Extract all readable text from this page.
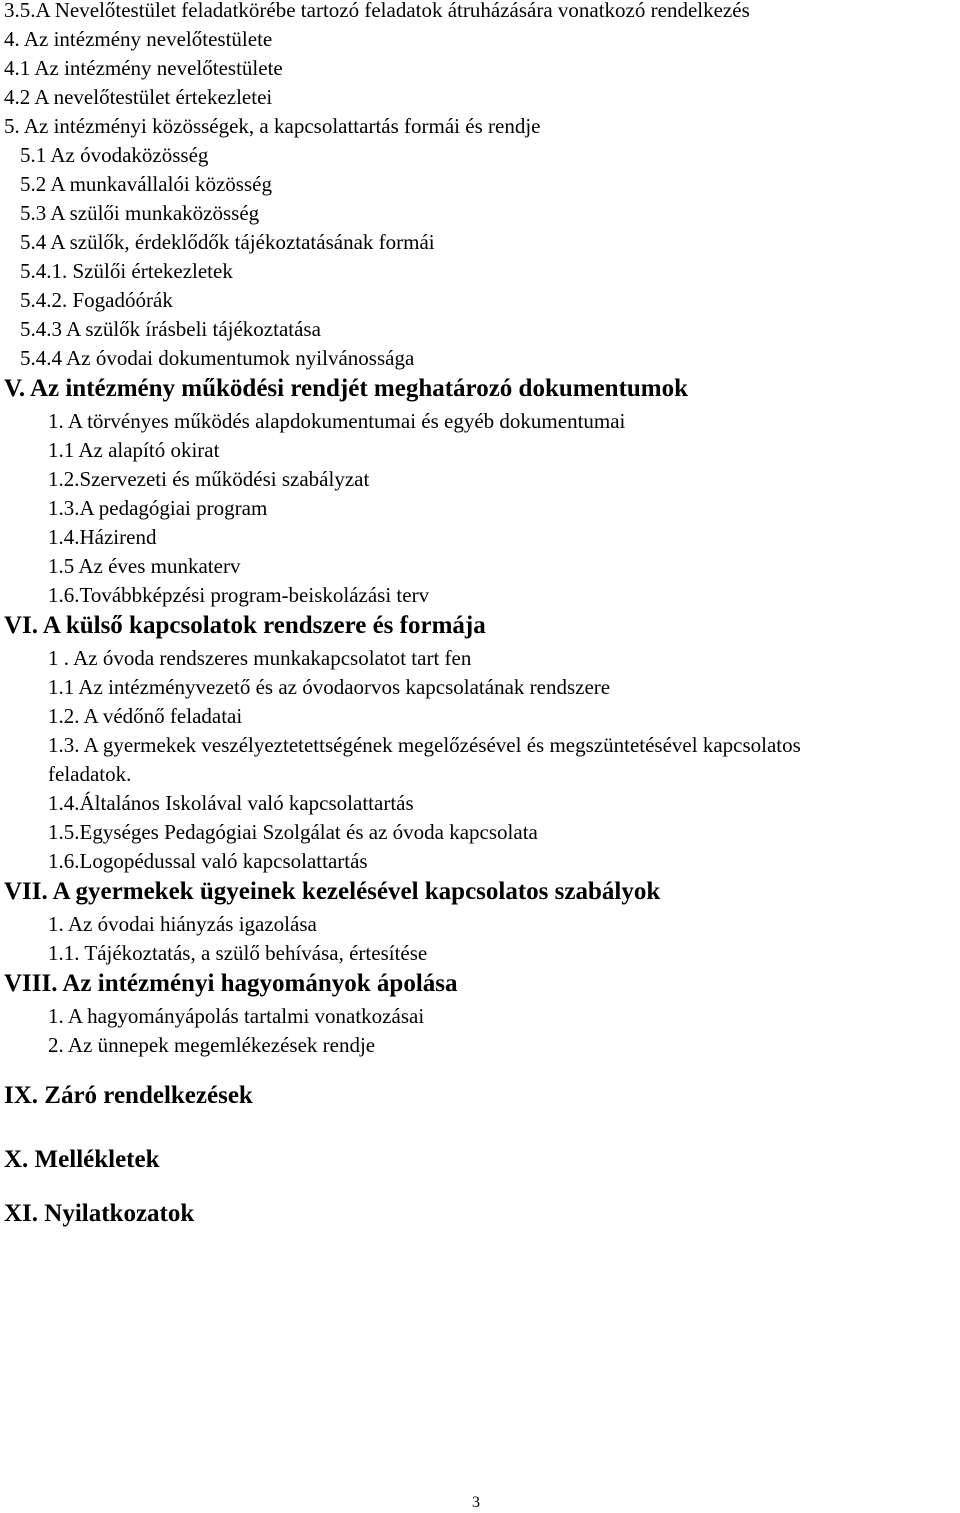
3.5.A Nevelőtestület feladatkörébe tartozó feladatok átruházására vonatkozó rendelkezés
4. Az intézmény nevelőtestülete
4.1 Az intézmény nevelőtestülete
4.2 A nevelőtestület értekezletei
5. Az intézményi közösségek, a kapcsolattartás formái és rendje
5.1 Az óvodaközösség
5.2 A munkavállalói közösség
5.3 A szülői munkaközösség
5.4 A szülők, érdeklődők tájékoztatásának formái
5.4.1. Szülői értekezletek
5.4.2. Fogadóórák
5.4.3 A szülők írásbeli tájékoztatása
5.4.4 Az óvodai dokumentumok nyilvánossága
V. Az intézmény működési rendjét meghatározó dokumentumok
1. A törvényes működés alapdokumentumai és egyéb dokumentumai
1.1 Az alapító okirat
1.2.Szervezeti és működési szabályzat
1.3.A pedagógiai program
1.4.Házirend
1.5 Az éves munkaterv
1.6.Továbbképzési program-beiskolázási terv
VI. A külső kapcsolatok rendszere és formája
1 . Az óvoda rendszeres munkakapcsolatot tart fen
1.1 Az intézményvezető és az óvodaorvos kapcsolatának rendszere
1.2. A védőnő feladatai
1.3. A gyermekek veszélyeztetettségének megelőzésével és megszüntetésével kapcsolatos
feladatok.
1.4.Általános Iskolával való kapcsolattartás
1.5.Egységes Pedagógiai Szolgálat és az óvoda kapcsolata
1.6.Logopédussal való kapcsolattartás
VII. A gyermekek ügyeinek kezelésével kapcsolatos szabályok
1. Az óvodai hiányzás igazolása
1.1. Tájékoztatás, a szülő behívása, értesítése
VIII. Az intézményi hagyományok ápolása
1. A hagyományápolás tartalmi vonatkozásai
2. Az ünnepek megemlékezések rendje
IX. Záró rendelkezések
X. Mellékletek
XI. Nyilatkozatok
3
